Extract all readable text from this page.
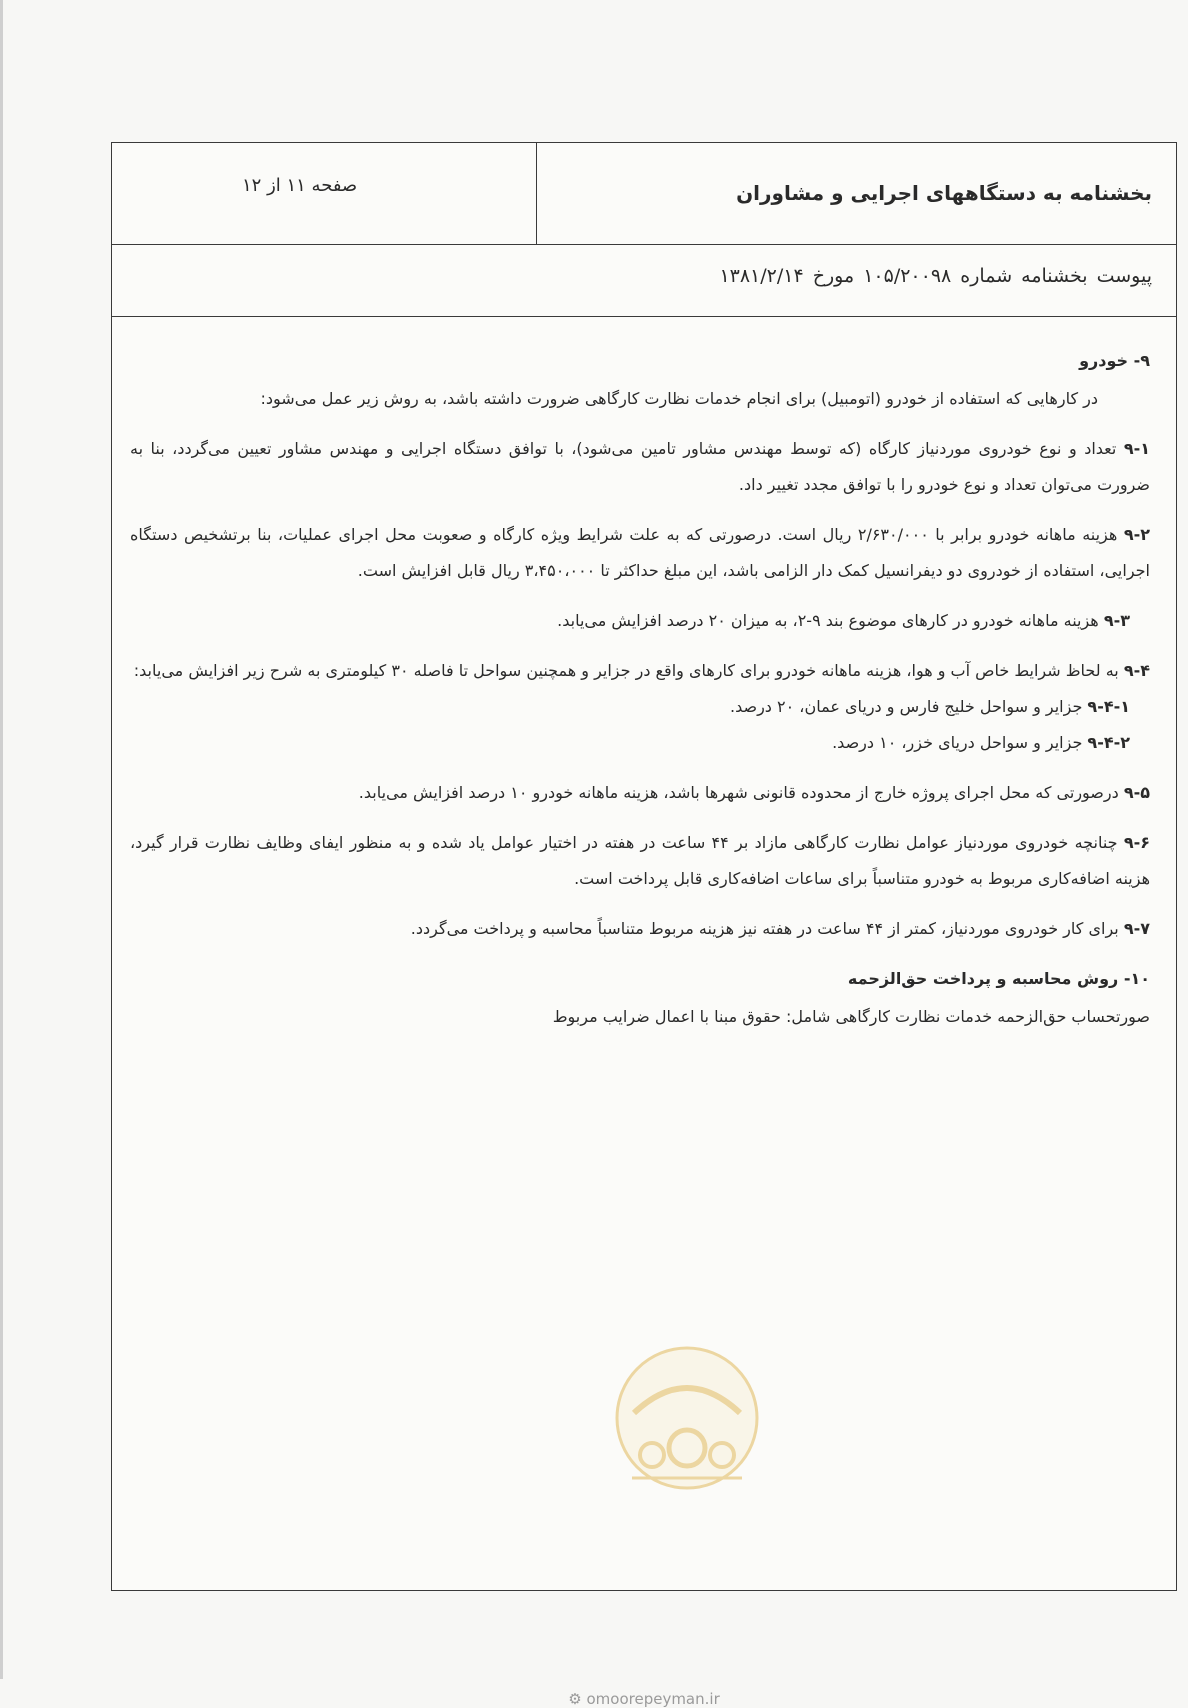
بخشنامه به دستگاههای اجرایی و مشاوران
صفحه ۱۱ از ۱۲
پیوست بخشنامه شماره ۱۰۵/۲۰۰۹۸ مورخ ۱۳۸۱/۲/۱۴
۹- خودرو
در کارهایی که استفاده از خودرو (اتومبیل) برای انجام خدمات نظارت کارگاهی ضرورت داشته باشد، به روش زیر عمل می‌شود:
۹-۱ تعداد و نوع خودروی موردنیاز کارگاه (که توسط مهندس مشاور تامین می‌شود)، با توافق دستگاه اجرایی و مهندس مشاور تعیین می‌گردد، بنا به ضرورت می‌توان تعداد و نوع خودرو را با توافق مجدد تغییر داد.
۹-۲ هزینه ماهانه خودرو برابر با ۲/۶۳۰/۰۰۰ ریال است. درصورتی که به علت شرایط ویژه کارگاه و صعوبت محل اجرای عملیات، بنا برتشخیص دستگاه اجرایی، استفاده از خودروی دو دیفرانسیل کمک دار الزامی باشد، این مبلغ حداکثر تا ۳،۴۵۰،۰۰۰ ریال قابل افزایش است.
۹-۳ هزینه ماهانه خودرو در کارهای موضوع بند ۹-۲، به میزان ۲۰ درصد افزایش می‌یابد.
۹-۴ به لحاظ شرایط خاص آب و هوا، هزینه ماهانه خودرو برای کارهای واقع در جزایر و همچنین سواحل تا فاصله ۳۰ کیلومتری به شرح زیر افزایش می‌یابد:
۹-۴-۱ جزایر و سواحل خلیج فارس و دریای عمان، ۲۰ درصد.
۹-۴-۲ جزایر و سواحل دریای خزر، ۱۰ درصد.
۹-۵ درصورتی که محل اجرای پروژه خارج از محدوده قانونی شهرها باشد، هزینه ماهانه خودرو ۱۰ درصد افزایش می‌یابد.
۹-۶ چنانچه خودروی موردنیاز عوامل نظارت کارگاهی مازاد بر ۴۴ ساعت در هفته در اختیار عوامل یاد شده و به منظور ایفای وظایف نظارت قرار گیرد، هزینه اضافه‌کاری مربوط به خودرو متناسباً برای ساعات اضافه‌کاری قابل پرداخت است.
۹-۷ برای کار خودروی موردنیاز، کمتر از ۴۴ ساعت در هفته نیز هزینه مربوط متناسباً محاسبه و پرداخت می‌گردد.
۱۰- روش محاسبه و پرداخت حق‌الزحمه
صورتحساب حق‌الزحمه خدمات نظارت کارگاهی شامل: حقوق مبنا با اعمال ضرایب مربوط
⚙ omoorepeyman.ir
